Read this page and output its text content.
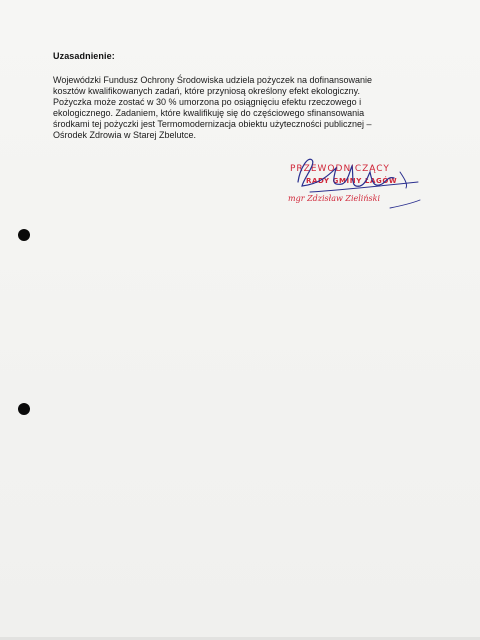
Uzasadnienie:
Wojewódzki Fundusz Ochrony Środowiska udziela pożyczek na dofinansowanie
kosztów kwalifikowanych zadań, które przyniosą określony efekt ekologiczny.
Pożyczka może zostać w 30 % umorzona po osiągnięciu efektu rzeczowego i
ekologicznego. Zadaniem, które kwalifikuję się do częściowego sfinansowania
środkami tej pożyczki jest Termomodernizacja obiektu użyteczności publicznej –
Ośrodek Zdrowia w Starej Zbelutce.
PRZEWODNICZĄCY
RADY GMINY ŁAGÓW
mgr Zdzisław Zieliński
